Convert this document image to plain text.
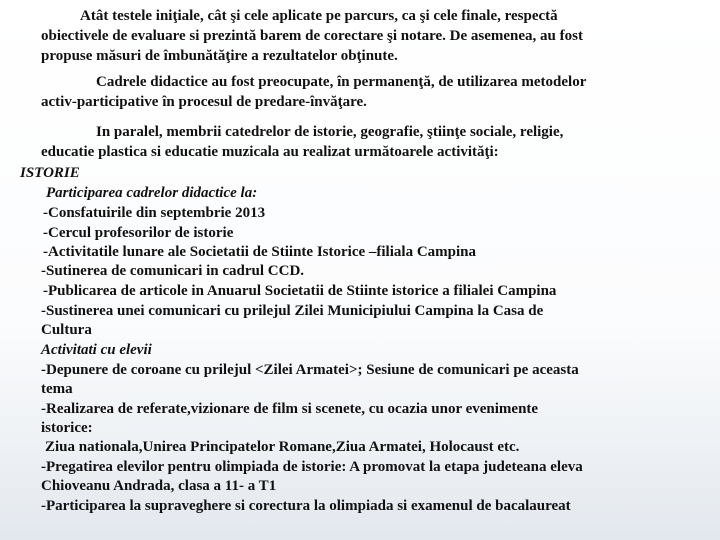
Atât testele iniţiale, cât şi cele aplicate pe parcurs, ca şi cele finale, respectă
obiectivele de evaluare si prezintă barem de corectare şi notare. De asemenea, au fost
propuse măsuri de îmbunătăţire a rezultatelor obţinute.
Cadrele didactice au fost preocupate, în permanenţă, de utilizarea metodelor
activ-participative în procesul de predare-învăţare.
In paralel, membrii catedrelor de istorie, geografie, ştiinţe sociale, religie,
educatie plastica si educatie muzicala au realizat următoarele activităţi:
ISTORIE
Participarea cadrelor didactice la:
-Consfatuirile din septembrie 2013
-Cercul profesorilor de istorie
-Activitatile lunare ale Societatii de Stiinte Istorice –filiala Campina
-Sutinerea de comunicari in cadrul CCD.
-Publicarea de articole in Anuarul Societatii de Stiinte istorice a filialei Campina
-Sustinerea unei comunicari cu prilejul Zilei Municipiului Campina la Casa de
Cultura
Activitati cu elevii
-Depunere de coroane cu prilejul <Zilei Armatei>; Sesiune de comunicari pe aceasta
tema
-Realizarea de referate,vizionare de film si scenete, cu ocazia unor evenimente
istorice:
Ziua nationala,Unirea Principatelor Romane,Ziua Armatei, Holocaust etc.
-Pregatirea elevilor pentru olimpiada de istorie: A promovat la etapa judeteana eleva
Chioveanu Andrada, clasa a 11- a T1
-Participarea la supraveghere si corectura la olimpiada si examenul de bacalaureat
